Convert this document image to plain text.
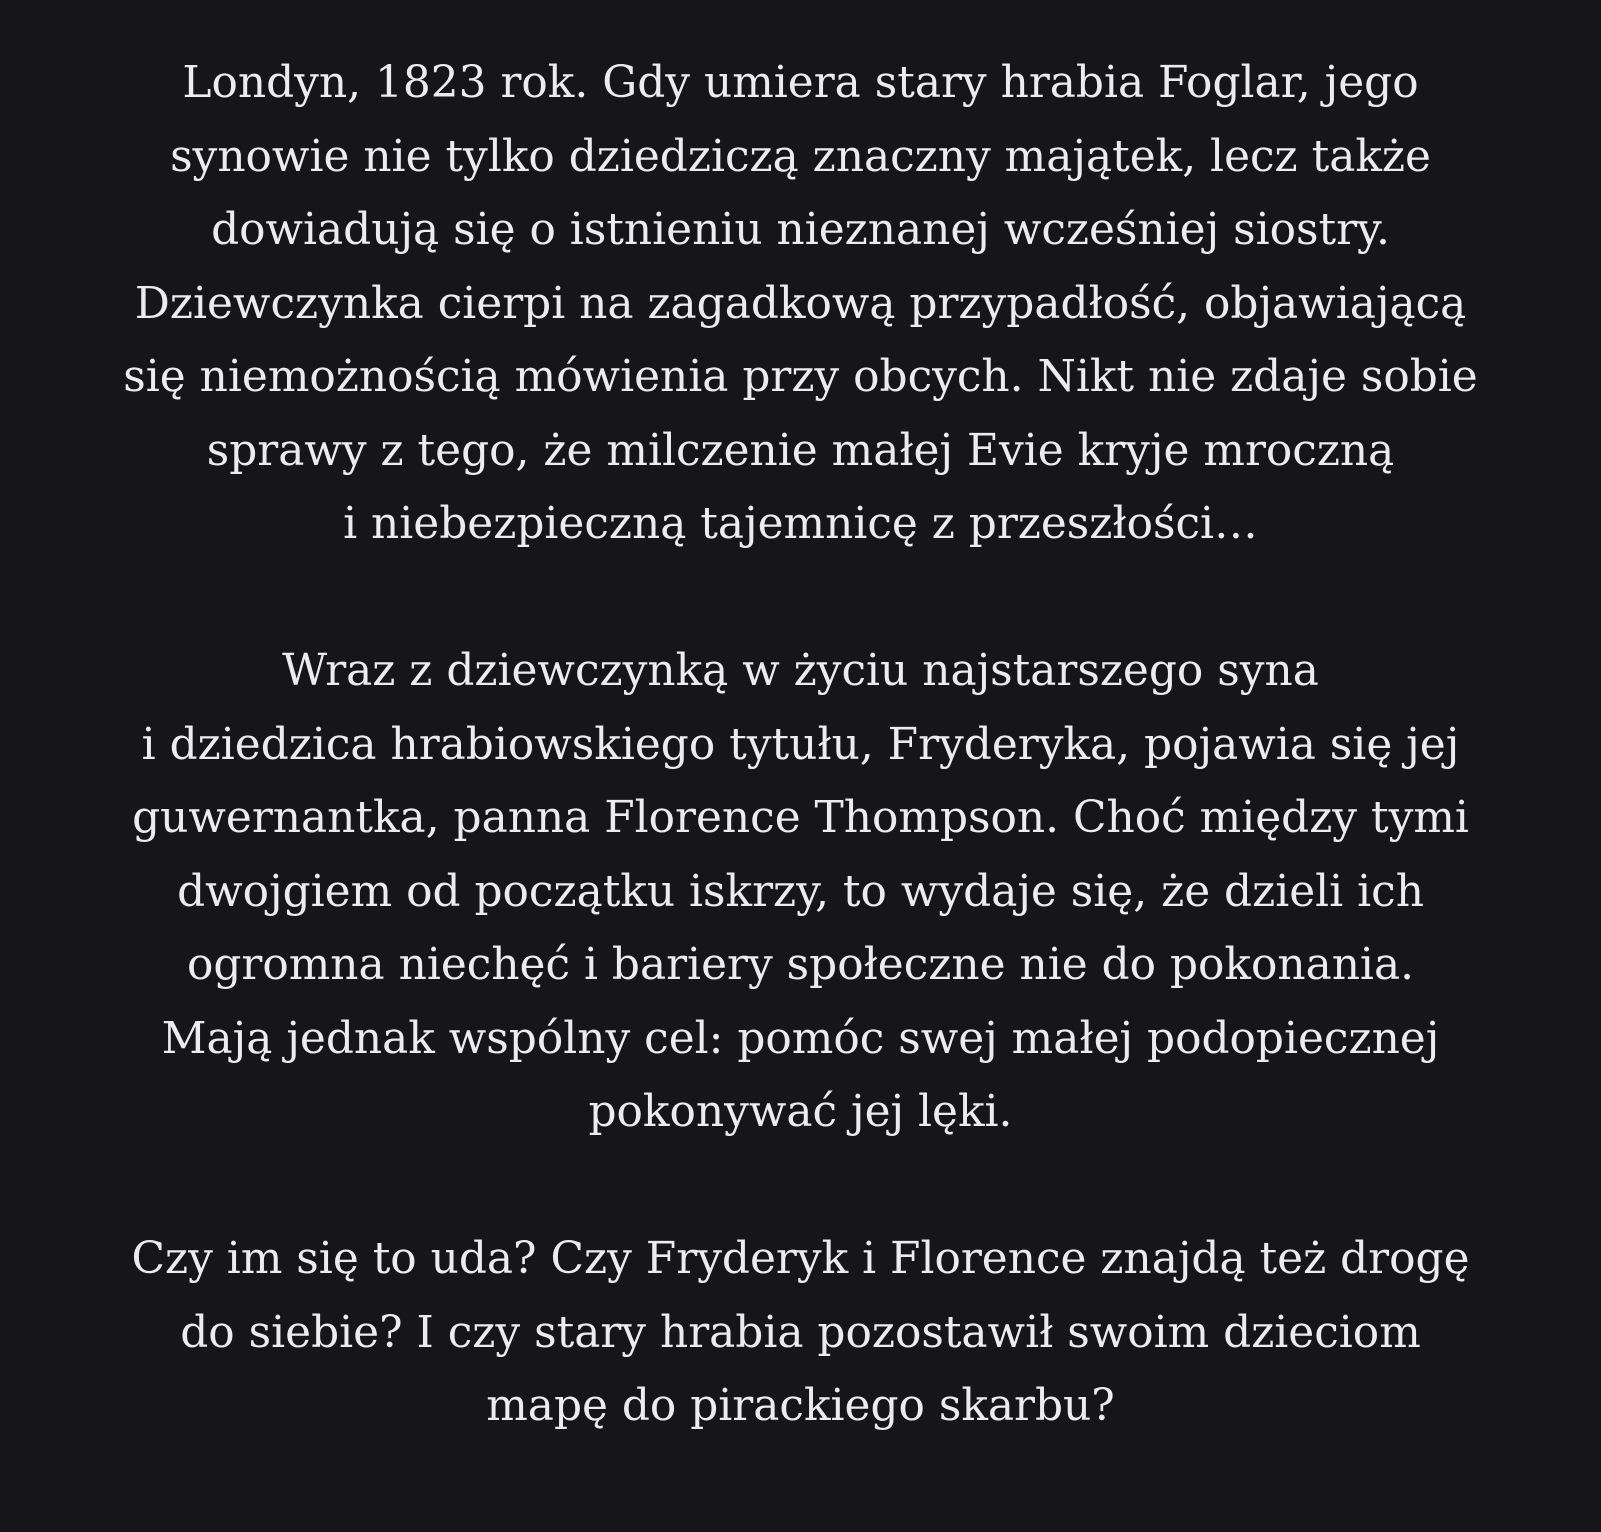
Londyn, 1823 rok. Gdy umiera stary hrabia Foglar, jego
synowie nie tylko dziedziczą znaczny majątek, lecz także
dowiadują się o istnieniu nieznanej wcześniej siostry.
Dziewczynka cierpi na zagadkową przypadłość, objawiającą
się niemożnością mówienia przy obcych. Nikt nie zdaje sobie
sprawy z tego, że milczenie małej Evie kryje mroczną
i niebezpieczną tajemnicę z przeszłości…

Wraz z dziewczynką w życiu najstarszego syna
i dziedzica hrabiowskiego tytułu, Fryderyka, pojawia się jej
guwernantka, panna Florence Thompson. Choć między tymi
dwojgiem od początku iskrzy, to wydaje się, że dzieli ich
ogromna niechęć i bariery społeczne nie do pokonania.
Mają jednak wspólny cel: pomóc swej małej podopiecznej
pokonywać jej lęki.

Czy im się to uda? Czy Fryderyk i Florence znajdą też drogę
do siebie? I czy stary hrabia pozostawił swoim dzieciom
mapę do pirackiego skarbu?
